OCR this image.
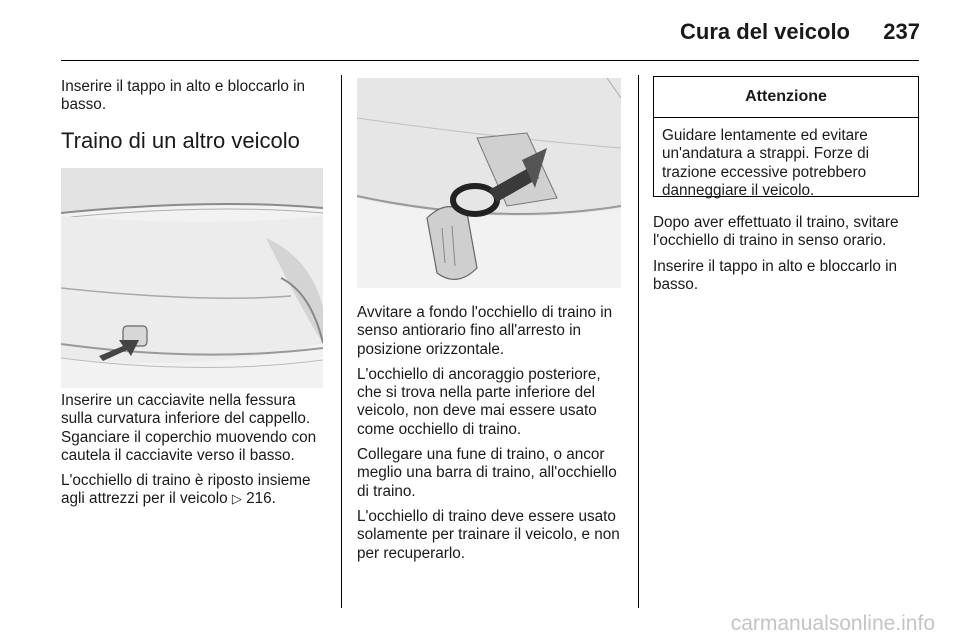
Cura del veicolo	237

Inserire il tappo in alto e bloccarlo in basso.

Traino di un altro veicolo

Inserire un cacciavite nella fessura sulla curvatura inferiore del cappello. Sganciare il coperchio muovendo con cautela il cacciavite verso il basso.

L'occhiello di traino è riposto insieme agli attrezzi per il veicolo ▷ 216.

Avvitare a fondo l'occhiello di traino in senso antiorario fino all'arresto in posizione orizzontale.

L'occhiello di ancoraggio posteriore, che si trova nella parte inferiore del veicolo, non deve mai essere usato come occhiello di traino.

Collegare una fune di traino, o ancor meglio una barra di traino, all'occhiello di traino.

L'occhiello di traino deve essere usato solamente per trainare il veicolo, e non per recuperarlo.

Attenzione
Guidare lentamente ed evitare un'andatura a strappi. Forze di trazione eccessive potrebbero danneggiare il veicolo.

Dopo aver effettuato il traino, svitare l'occhiello di traino in senso orario.

Inserire il tappo in alto e bloccarlo in basso.

carmanualsonline.info
